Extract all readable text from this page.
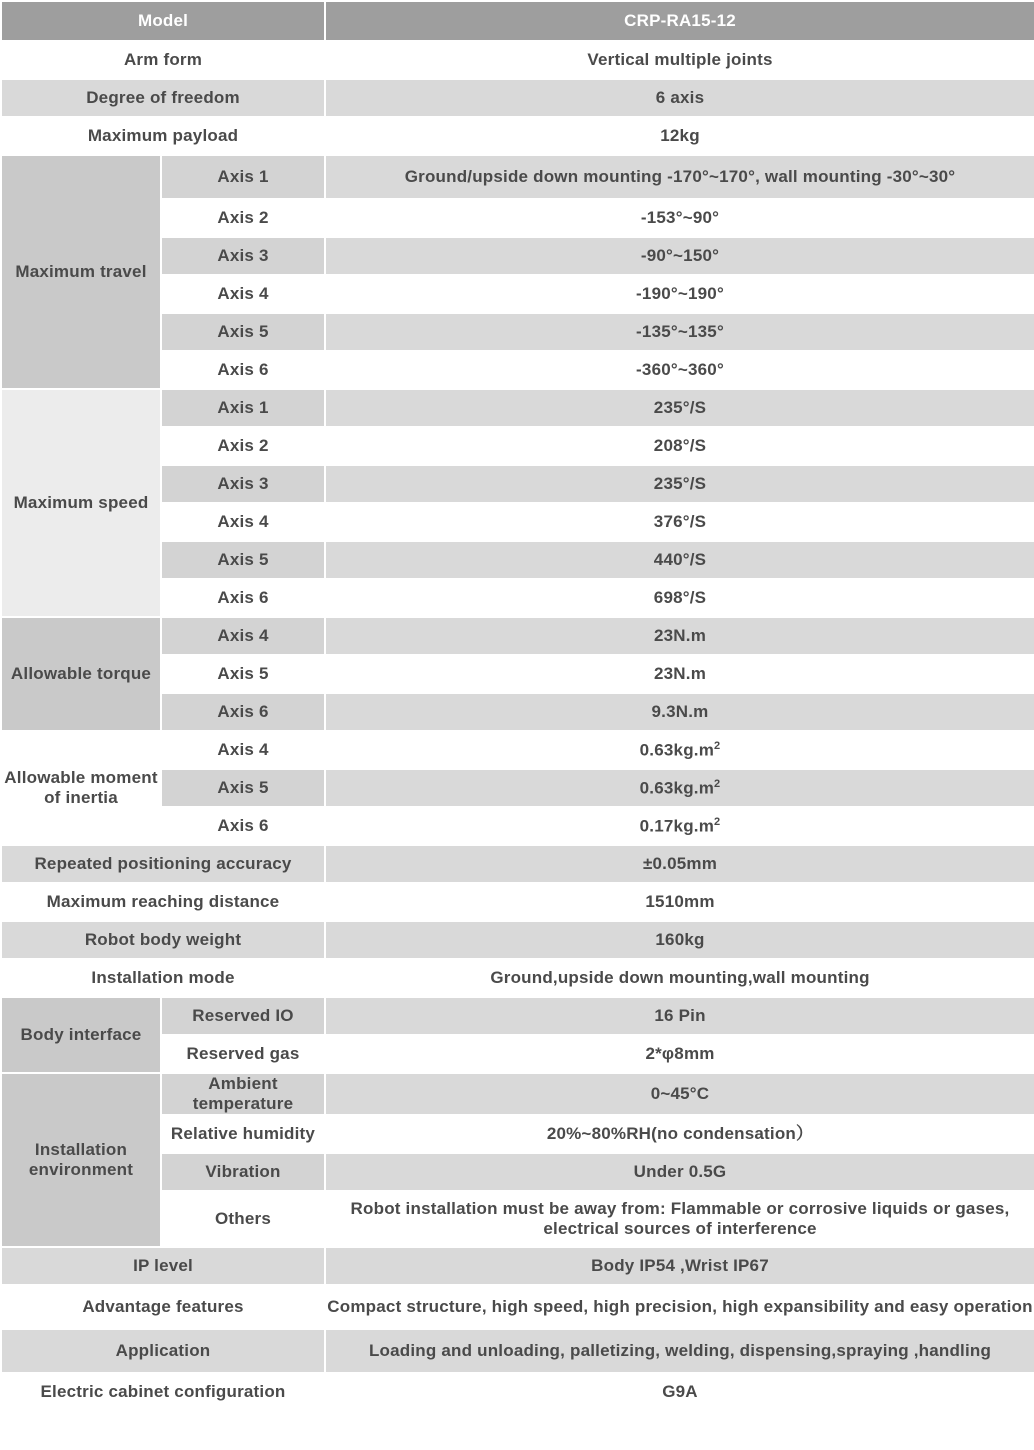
Model		CRP-RA15-12
Arm form		Vertical multiple joints
Degree of freedom		6 axis
Maximum payload		12kg
Maximum travel	Axis 1	Ground/upside down mounting -170°~170°, wall mounting -30°~30°
	Axis 2	-153°~90°
	Axis 3	-90°~150°
	Axis 4	-190°~190°
	Axis 5	-135°~135°
	Axis 6	-360°~360°
Maximum speed	Axis 1	235°/S
	Axis 2	208°/S
	Axis 3	235°/S
	Axis 4	376°/S
	Axis 5	440°/S
	Axis 6	698°/S
Allowable torque	Axis 4	23N.m
	Axis 5	23N.m
	Axis 6	9.3N.m
Allowable moment of inertia	Axis 4	$0.63kg.m^2$
	Axis 5	$0.63kg.m^2$
	Axis 6	$0.17kg.m^2$
Repeated positioning accuracy		±0.05mm
Maximum reaching distance		1510mm
Robot body weight		160kg
Installation mode		Ground,upside down mounting,wall mounting
Body interface	Reserved IO	16 Pin
	Reserved gas	2*φ8mm
Installation environment	Ambient temperature	0~45°C
	Relative humidity	20%~80%RH(no condensation）
	Vibration	Under 0.5G
	Others	Robot installation must be away from: Flammable or corrosive liquids or gases, electrical sources of interference
IP level		Body IP54 ,Wrist IP67
Advantage features		Compact structure, high speed, high precision, high expansibility and easy operation
Application		Loading and unloading, palletizing, welding, dispensing,spraying ,handling
Electric cabinet configuration		G9A
